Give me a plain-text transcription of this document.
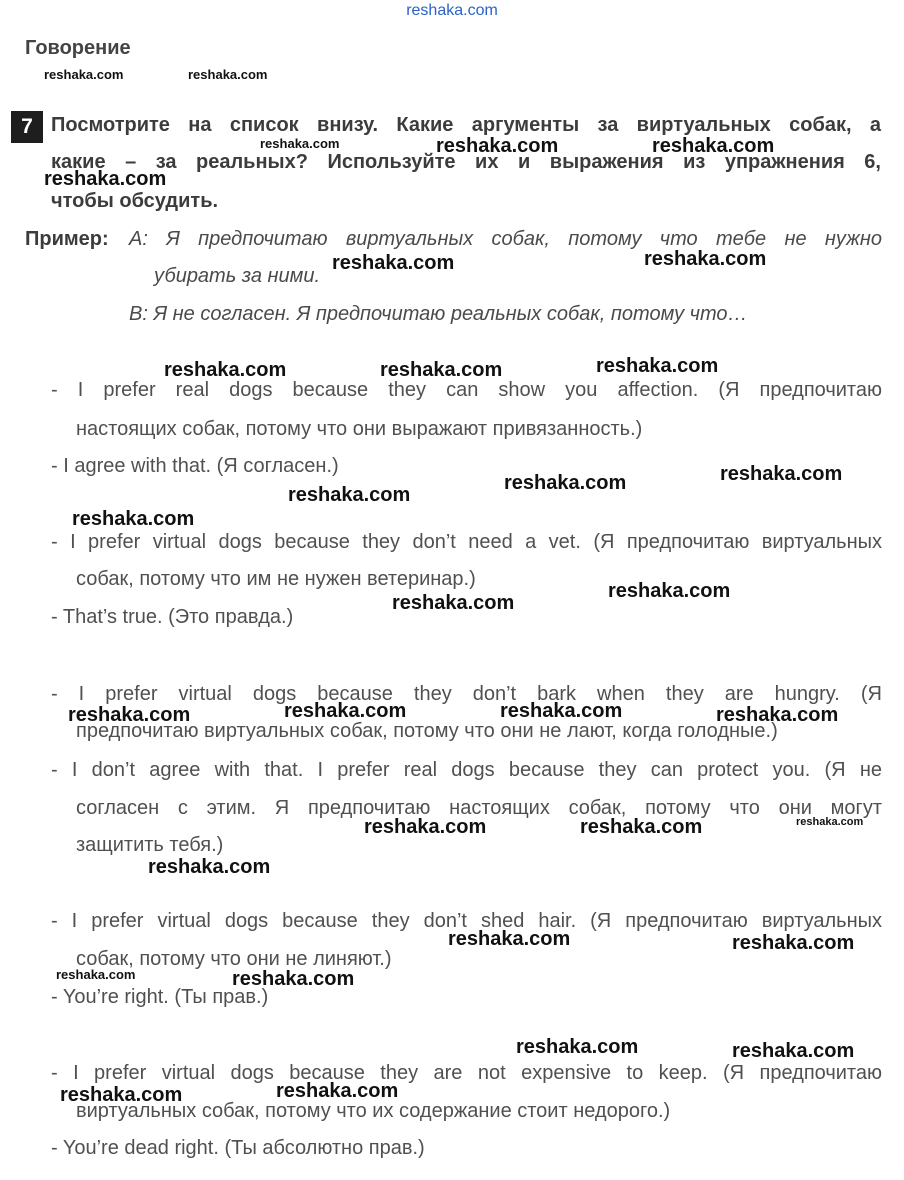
reshaka.com
Говорение
7 Посмотрите на список внизу. Какие аргументы за виртуальных собак, а
какие – за реальных? Используйте их и выражения из упражнения 6,
чтобы обсудить.
Пример: A: Я предпочитаю виртуальных собак, потому что тебе не нужно
убирать за ними.
B: Я не согласен. Я предпочитаю реальных собак, потому что…
- I prefer real dogs because they can show you affection. (Я предпочитаю
настоящих собак, потому что они выражают привязанность.)
- I agree with that. (Я согласен.)
- I prefer virtual dogs because they don’t need a vet. (Я предпочитаю виртуальных
собак, потому что им не нужен ветеринар.)
- That’s true. (Это правда.)
- I prefer virtual dogs because they don’t bark when they are hungry. (Я
предпочитаю виртуальных собак, потому что они не лают, когда голодные.)
- I don’t agree with that. I prefer real dogs because they can protect you. (Я не
согласен с этим. Я предпочитаю настоящих собак, потому что они могут
защитить тебя.)
- I prefer virtual dogs because they don’t shed hair. (Я предпочитаю виртуальных
собак, потому что они не линяют.)
- You’re right. (Ты прав.)
- I prefer virtual dogs because they are not expensive to keep. (Я предпочитаю
виртуальных собак, потому что их содержание стоит недорого.)
- You’re dead right. (Ты абсолютно прав.)
reshaka.com	reshaka.com
reshaka.com	reshaka.com	reshaka.com
reshaka.com
reshaka.com	reshaka.com
reshaka.com	reshaka.com	reshaka.com
reshaka.com
reshaka.com
reshaka.com
reshaka.com
reshaka.com
reshaka.com
reshaka.com	reshaka.com
reshaka.com	reshaka.com
reshaka.com	reshaka.com	reshaka.com
reshaka.com
reshaka.com	reshaka.com
reshaka.com	reshaka.com
reshaka.com	reshaka.com
reshaka.com
reshaka.com
